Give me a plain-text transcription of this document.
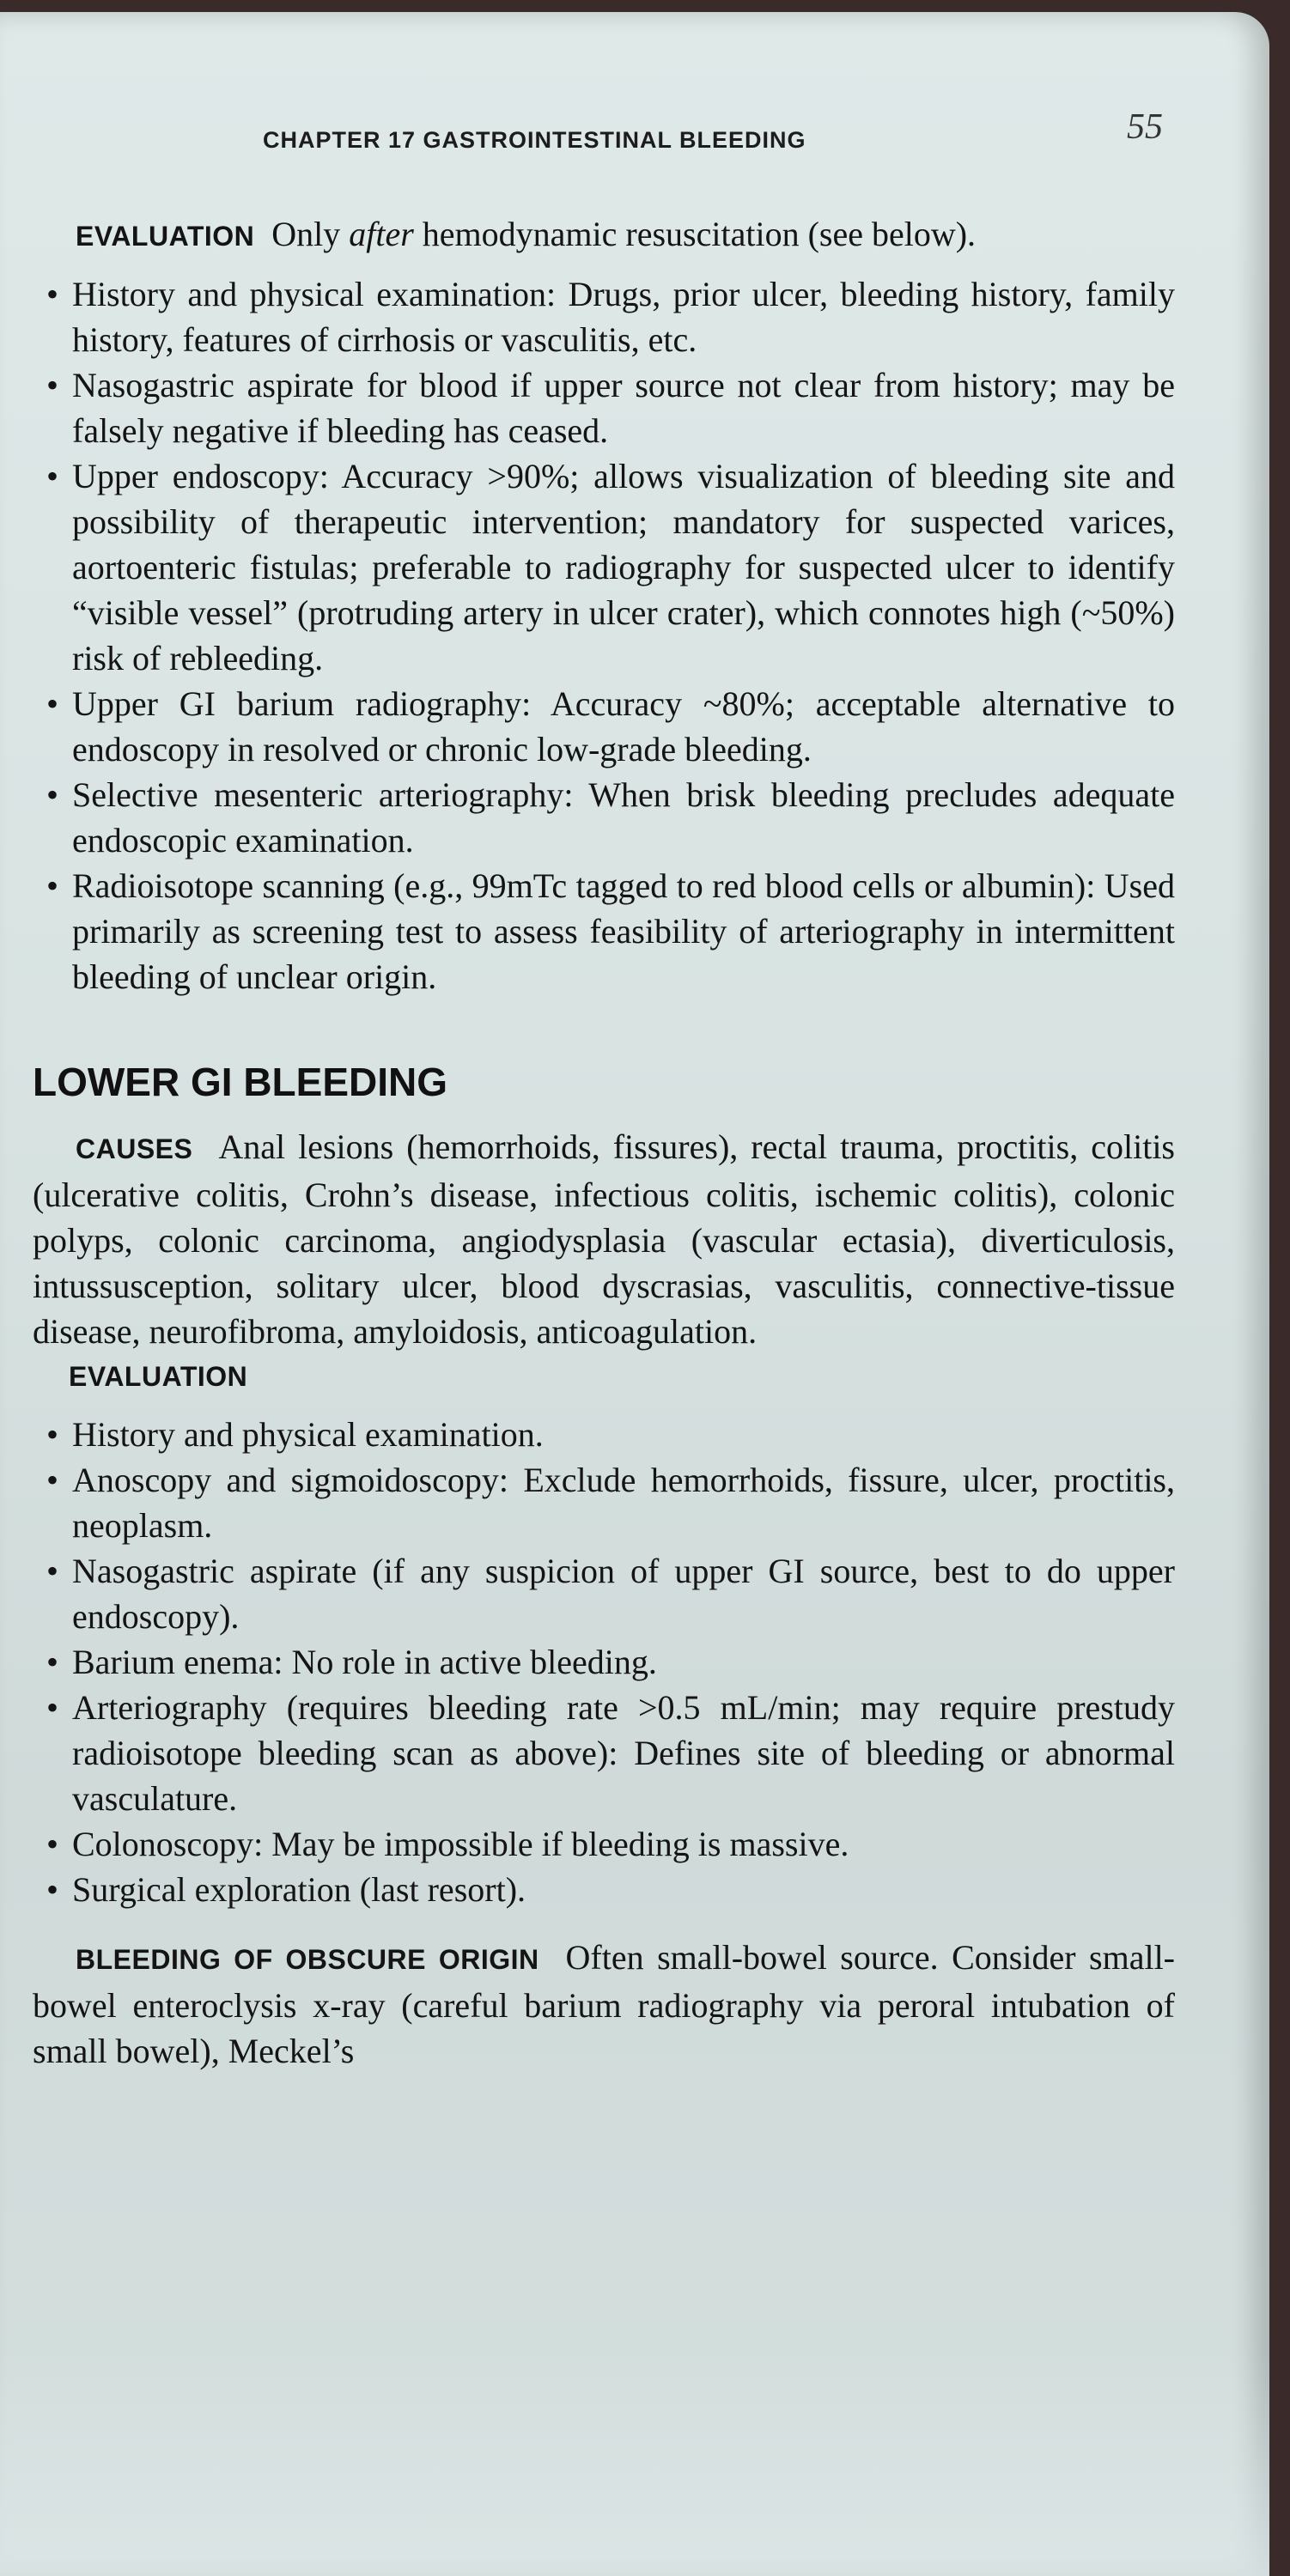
CHAPTER 17 GASTROINTESTINAL BLEEDING	55

EVALUATION Only after hemodynamic resuscitation (see below).

• History and physical examination: Drugs, prior ulcer, bleeding history, family history, features of cirrhosis or vasculitis, etc.
• Nasogastric aspirate for blood if upper source not clear from history; may be falsely negative if bleeding has ceased.
• Upper endoscopy: Accuracy >90%; allows visualization of bleeding site and possibility of therapeutic intervention; mandatory for suspected varices, aortoenteric fistulas; preferable to radiography for suspected ulcer to identify “visible vessel” (protruding artery in ulcer crater), which connotes high (~50%) risk of rebleeding.
• Upper GI barium radiography: Accuracy ~80%; acceptable alternative to endoscopy in resolved or chronic low-grade bleeding.
• Selective mesenteric arteriography: When brisk bleeding precludes adequate endoscopic examination.
• Radioisotope scanning (e.g., 99mTc tagged to red blood cells or albumin): Used primarily as screening test to assess feasibility of arteriography in intermittent bleeding of unclear origin.
LOWER GI BLEEDING

CAUSES Anal lesions (hemorrhoids, fissures), rectal trauma, proctitis, colitis (ulcerative colitis, Crohn’s disease, infectious colitis, ischemic colitis), colonic polyps, colonic carcinoma, angiodysplasia (vascular ectasia), diverticulosis, intussusception, solitary ulcer, blood dyscrasias, vasculitis, connective-tissue disease, neurofibroma, amyloidosis, anticoagulation.

EVALUATION
• History and physical examination.
• Anoscopy and sigmoidoscopy: Exclude hemorrhoids, fissure, ulcer, proctitis, neoplasm.
• Nasogastric aspirate (if any suspicion of upper GI source, best to do upper endoscopy).
• Barium enema: No role in active bleeding.
• Arteriography (requires bleeding rate >0.5 mL/min; may require prestudy radioisotope bleeding scan as above): Defines site of bleeding or abnormal vasculature.
• Colonoscopy: May be impossible if bleeding is massive.
• Surgical exploration (last resort).

BLEEDING OF OBSCURE ORIGIN Often small-bowel source. Consider small-bowel enteroclysis x-ray (careful barium radiography via peroral intubation of small bowel), Meckel’s
